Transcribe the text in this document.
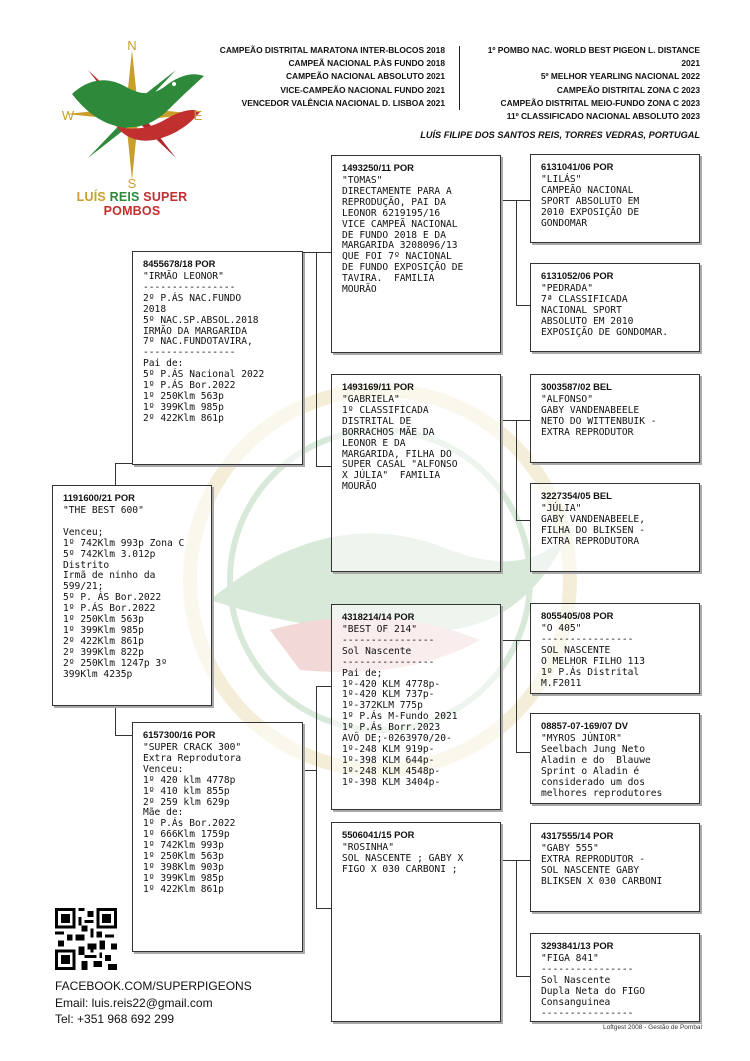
N
S
W	E
LUÍS REIS SUPER POMBOS
CAMPEÃO DISTRITAL MARATONA INTER-BLOCOS 2018
CAMPEÃ NACIONAL P.ÀS FUNDO 2018
CAMPEÃO NACIONAL ABSOLUTO 2021
VICE-CAMPEÃO NACIONAL FUNDO 2021
VENCEDOR VALÊNCIA NACIONAL D. LISBOA 2021
1º POMBO NAC. WORLD BEST PIGEON L. DISTANCE 2021
5º MELHOR YEARLING NACIONAL 2022
CAMPEÃO DISTRITAL ZONA C 2023
CAMPEÃO DISTRITAL MEIO-FUNDO ZONA C 2023
11º CLASSIFICADO NACIONAL ABSOLUTO 2023
LUÍS FILIPE DOS SANTOS REIS, TORRES VEDRAS, PORTUGAL
1191600/21 POR
"THE BEST 600"

Venceu;
1º 742Klm 993p Zona C
5º 742Klm 3.012p
Distrito
Irmã de ninho da
599/21;
5º P. ÁS Bor.2022
1º P.ÁS Bor.2022
1º 250Klm 563p
1º 399Klm 985p
2º 422Klm 861p
2º 399Klm 822p
2º 250Klm 1247p 3º
399Klm 4235p
8455678/18 POR
"IRMÃO LEONOR"
----------------
2º P.ÁS NAC.FUNDO
2018
5º NAC.SP.ABSOL.2018
IRMÃO DA MARGARIDA
7º NAC.FUNDOTAVIRA,
----------------
Pai de:
5º P.ÁS Nacional 2022
1º P.ÁS Bor.2022
1º 250Klm 563p
1º 399Klm 985p
2º 422Klm 861p
6157300/16 POR
"SUPER CRACK 300"
Extra Reprodutora
Venceu:
1º 420 klm 4778p
1º 410 klm 855p
2º 259 klm 629p
Mãe de:
1º P.Ás Bor.2022
1º 666Klm 1759p
1º 742Klm 993p
1º 250Klm 563p
1º 398Klm 903p
1º 399Klm 985p
1º 422Klm 861p
1493250/11 POR
"TOMAS"
DIRECTAMENTE PARA A
REPRODUÇÃO, PAI DA
LEONOR 6219195/16
VICE CAMPEÃ NACIONAL
DE FUNDO 2018 E DA
MARGARIDA 3208096/13
QUE FOI 7º NACIONAL
DE FUNDO EXPOSIÇÃO DE
TAVIRA.  FAMILIA
MOURÃO
1493169/11 POR
"GABRIELA"
1º CLASSIFICADA
DISTRITAL DE
BORRACHOS MÃE DA
LEONOR E DA
MARGARIDA, FILHA DO
SUPER CASAL "ALFONSO
X JÚLIA"  FAMILIA
MOURÃO
4318214/14 POR
"BEST OF 214"
----------------
Sol Nascente
----------------
Pai de;
1º-420 KLM 4778p-
1º-420 KLM 737p-
1º-372KLM 775p
1º P.Ás M-Fundo 2021
1º P.Ás Borr.2023
AVÔ DE;-0263970/20-
1º-248 KLM 919p-
1º-398 KLM 644p-
1º-248 KLM 4548p-
1º-398 KLM 3404p-
5506041/15 POR
"ROSINHA"
SOL NASCENTE ; GABY X
FIGO X 030 CARBONI ;
6131041/06 POR
"LILÁS"
CAMPEÃO NACIONAL
SPORT ABSOLUTO EM
2010 EXPOSIÇÃO DE
GONDOMAR
6131052/06 POR
"PEDRADA"
7ª CLASSIFICADA
NACIONAL SPORT
ABSOLUTO EM 2010
EXPOSIÇÃO DE GONDOMAR.
3003587/02 BEL
"ALFONSO"
GABY VANDENABEELE
NETO DO WITTENBUIK -
EXTRA REPRODUTOR
3227354/05 BEL
"JÚLIA"
GABY VANDENABEELE,
FILHA DO BLIKSEN -
EXTRA REPRODUTORA
8055405/08 POR
"O 405"
----------------
SOL NASCENTE
O MELHOR FILHO 113
1º P.Ás Distrital
M.F2011
08857-07-169/07 DV
"MYROS JÚNIOR"
Seelbach Jung Neto
Aladin e do  Blauwe
Sprint o Aladin é
considerado um dos
melhores reprodutores
4317555/14 POR
"GABY 555"
EXTRA REPRODUTOR -
SOL NASCENTE GABY
BLIKSEN X 030 CARBONI
3293841/13 POR
"FIGA 841"
----------------
Sol Nascente
Dupla Neta do FIGO
Consanguinea
----------------
FACEBOOK.COM/SUPERPIGEONS
Email: luis.reis22@gmail.com
Tel: +351 968 692 299
Loftgest 2008 - Gestão de Pombal
